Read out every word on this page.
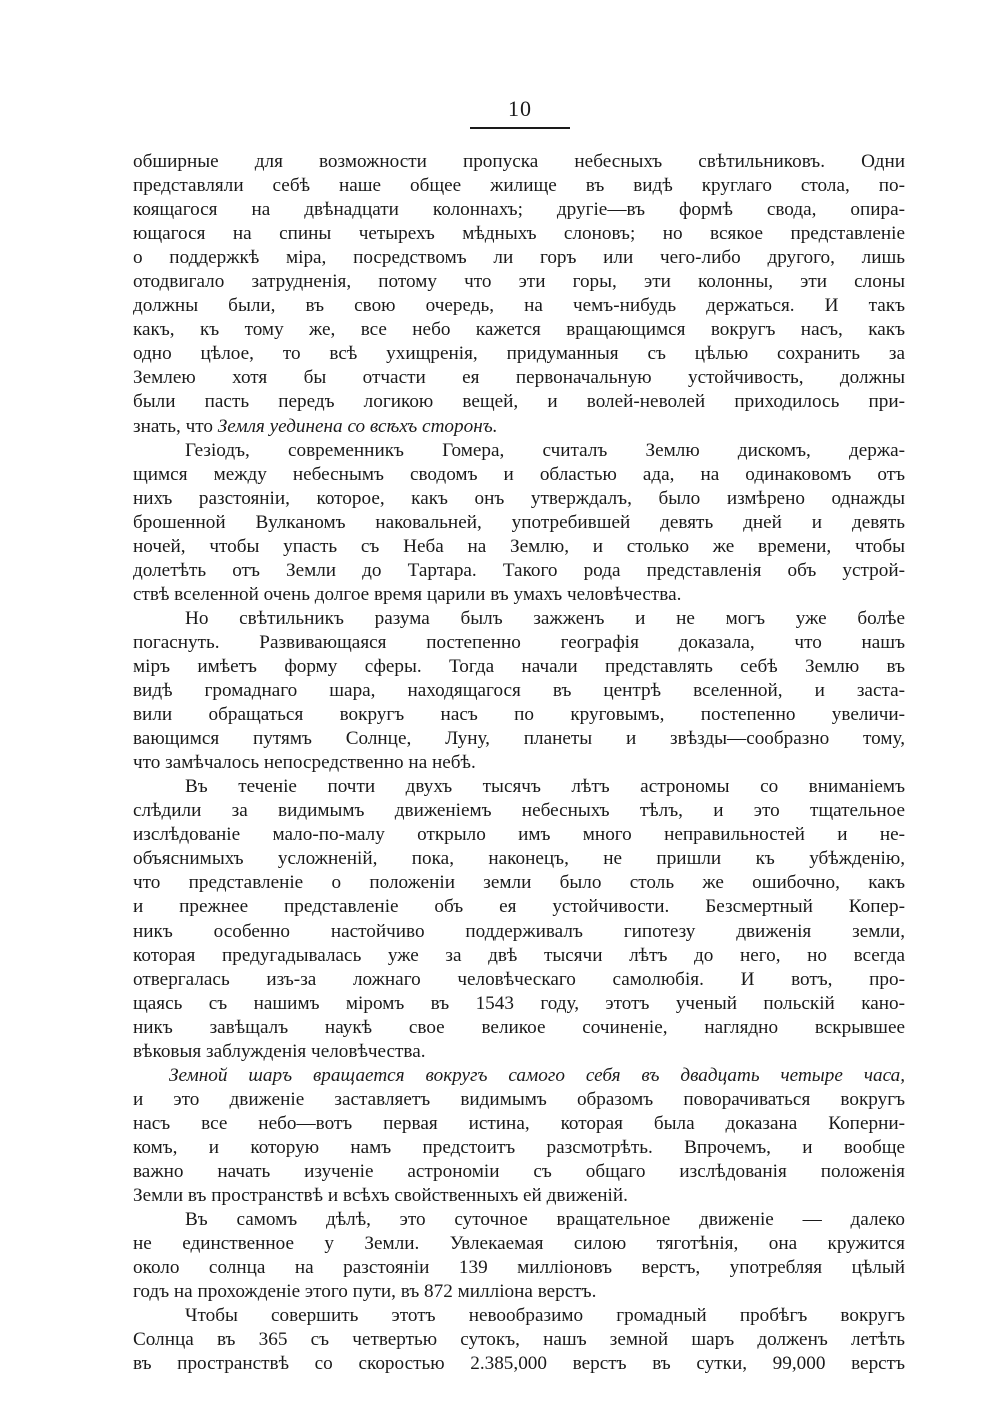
10
обширные для возможности пропуска небесныхъ свѣтильниковъ. Одни
представляли себѣ наше общее жилище въ видѣ круглаго стола, по-
коящагося на двѣнадцати колоннахъ; другіе—въ формѣ свода, опира-
ющагося на спины четырехъ мѣдныхъ слоновъ; но всякое представленіе
о поддержкѣ міра, посредствомъ ли горъ или чего-либо другого, лишь
отодвигало затрудненія, потому что эти горы, эти колонны, эти слоны
должны были, въ свою очередь, на чемъ-нибудь держаться. И такъ
какъ, къ тому же, все небо кажется вращающимся вокругъ насъ, какъ
одно цѣлое, то всѣ ухищренія, придуманныя съ цѣлью сохранить за
Землею хотя бы отчасти ея первоначальную устойчивость, должны
были пасть передъ логикою вещей, и волей-неволей приходилось при-
знать, что Земля уединена со всѣхъ сторонъ.
Гезіодъ, современникъ Гомера, считалъ Землю дискомъ, держа-
щимся между небеснымъ сводомъ и областью ада, на одинаковомъ отъ
нихъ разстояніи, которое, какъ онъ утверждалъ, было измѣрено однажды
брошенной Вулканомъ наковальней, употребившей девять дней и девять
ночей, чтобы упасть съ Неба на Землю, и столько же времени, чтобы
долетѣть отъ Земли до Тартара. Такого рода представленія объ устрой-
ствѣ вселенной очень долгое время царили въ умахъ человѣчества.
Но свѣтильникъ разума былъ зажженъ и не могъ уже болѣе
погаснуть. Развивающаяся постепенно географія доказала, что нашъ
міръ имѣетъ форму сферы. Тогда начали представлять себѣ Землю въ
видѣ громаднаго шара, находящагося въ центрѣ вселенной, и заста-
вили обращаться вокругъ насъ по круговымъ, постепенно увеличи-
вающимся путямъ Солнце, Луну, планеты и звѣзды—сообразно тому,
что замѣчалось непосредственно на небѣ.
Въ теченіе почти двухъ тысячъ лѣтъ астрономы со вниманіемъ
слѣдили за видимымъ движеніемъ небесныхъ тѣлъ, и это тщательное
изслѣдованіе мало-по-малу открыло имъ много неправильностей и не-
объяснимыхъ усложненій, пока, наконецъ, не пришли къ убѣжденію,
что представленіе о положеніи земли было столь же ошибочно, какъ
и прежнее представленіе объ ея устойчивости. Безсмертный Копер-
никъ особенно настойчиво поддерживалъ гипотезу движенія земли,
которая предугадывалась уже за двѣ тысячи лѣтъ до него, но всегда
отвергалась изъ-за ложнаго человѣческаго самолюбія. И вотъ, про-
щаясь съ нашимъ міромъ въ 1543 году, этотъ ученый польскій кано-
никъ завѣщалъ наукѣ свое великое сочиненіе, наглядно вскрывшее
вѣковыя заблужденія человѣчества.
Земной шаръ вращается вокругъ самого себя въ двадцать четыре часа,
и это движеніе заставляетъ видимымъ образомъ поворачиваться вокругъ
насъ все небо—вотъ первая истина, которая была доказана Коперни-
комъ, и которую намъ предстоитъ разсмотрѣть. Впрочемъ, и вообще
важно начать изученіе астрономіи съ общаго изслѣдованія положенія
Земли въ пространствѣ и всѣхъ свойственныхъ ей движеній.
Въ самомъ дѣлѣ, это суточное вращательное движеніе — далеко
не единственное у Земли. Увлекаемая силою тяготѣнія, она кружится
около солнца на разстояніи 139 милліоновъ верстъ, употребляя цѣлый
годъ на прохожденіе этого пути, въ 872 милліона верстъ.
Чтобы совершить этотъ невообразимо громадный пробѣгъ вокругъ
Солнца въ 365 съ четвертью сутокъ, нашъ земной шаръ долженъ летѣть
въ пространствѣ со скоростью 2.385,000 верстъ въ сутки, 99,000 верстъ
